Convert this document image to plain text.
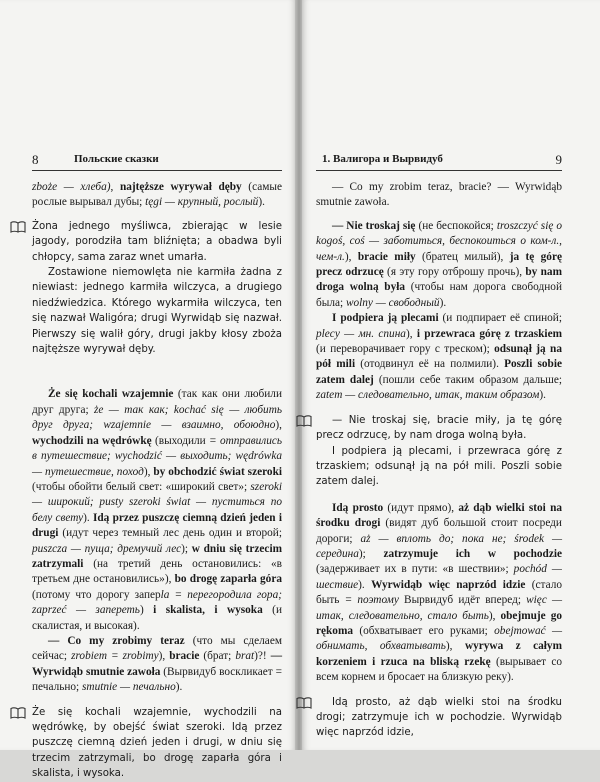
8	Польские сказки

zboże — хлеба), najtęższe wyrywał dęby (самые рослые вырывал дубы; tęgi — крупный, рослый).

Żona jednego myśliwca, zbierając w lesie jagody, porodziła tam bliźnięta; a obadwa byli chłopcy, sama zaraz wnet umarła.

Zostawione niemowlęta nie karmiła żadna z niewiast: jednego karmiła wilczyca, a drugiego niedźwiedzica. Którego wykarmiła wilczyca, ten się nazwał Waligóra; drugi Wyrwidąb się nazwał. Pierwszy się walił góry, drugi jakby kłosy zboża najtęższe wyrywał dęby.

Że się kochali wzajemnie (так как они любили друг друга; że — так как; kochać się — любить друг друга; wzajemnie — взаимно, обоюдно), wychodzili na wędrówkę (выходили = отправились в путешествие; wychodzić — выходить; wędrówka — путешествие, поход), by obchodzić świat szeroki (чтобы обойти белый свет: «широкий свет»; szeroki — широкий; pusty szeroki świat — пуститься по белу свету). Idą przez puszczę ciemną dzień jeden i drugi (идут через темный лес день один и второй; puszcza — пуща; дремучий лес); w dniu się trzecim zatrzymali (на третий день остановились: «в третьем дне остановились»), bo drogę zaparła góra (потому что дорогу заперla = перегородила гора; zaprzeć — запереть) i skalista, i wysoka (и скалистая, и высокая).

— Co my zrobimy teraz (что мы сделаем сейчас; zrobiem = zrobimy), bracie (брат; brat)?! — Wyrwidąb smutnie zawoła (Вырвидуб воскликает = печально; smutnie — печально).

Że się kochali wzajemnie, wychodzili na wędrówkę, by obejść świat szeroki. Idą przez puszczę ciemną dzień jeden i drugi, w dniu się trzecim zatrzymali, bo drogę zaparła góra i skalista, i wysoka.

1. Валигора и Вырвидуб	9

— Co my zrobim teraz, bracie? — Wyrwidąb smutnie zawoła.

— Nie troskaj się (не беспокойся; troszczyć się o kogoś, coś — заботиться, беспокоиться о ком-л., чем-л.), bracie miły (братец милый), ja tę górę precz odrzucę (я эту гору отброшу прочь), by nam droga wolną była (чтобы нам дорога свободной была; wolny — свободный).

I podpiera ją plecami (и подпирает её спиной; plecy — мн. спина), i przewraca górę z trzaskiem (и переворачивает гору с треском); odsunął ją na pół mili (отодвинул её на полмили). Poszli sobie zatem dalej (пошли себе таким образом дальше; zatem — следовательно, итак, таким образом).

— Nie troskaj się, bracie miły, ja tę górę precz odrzucę, by nam droga wolną była.

I podpiera ją plecami, i przewraca górę z trzaskiem; odsunął ją na pół mili. Poszli sobie zatem dalej.

Idą prosto (идут прямо), aż dąb wielki stoi na środku drogi (видят дуб большой стоит посреди дороги; aż — вплоть до; пока не; środek — середина); zatrzymuje ich w pochodzie (задерживает их в пути: «в шествии»; pochód — шествие). Wyrwidąb więc naprzód idzie (стало быть = поэтому Вырвидуб идёт вперед; więc — итак, следовательно, стало быть), obejmuje go rękoma (обхватывает его руками; obejmować — обнимать, обхватывать), wyrywa z całym korzeniem i rzuca na bliską rzekę (вырывает со всем корнем и бросает на близкую реку).

Idą prosto, aż dąb wielki stoi na środku drogi; zatrzymuje ich w pochodzie. Wyrwidąb więc naprzód idzie,
